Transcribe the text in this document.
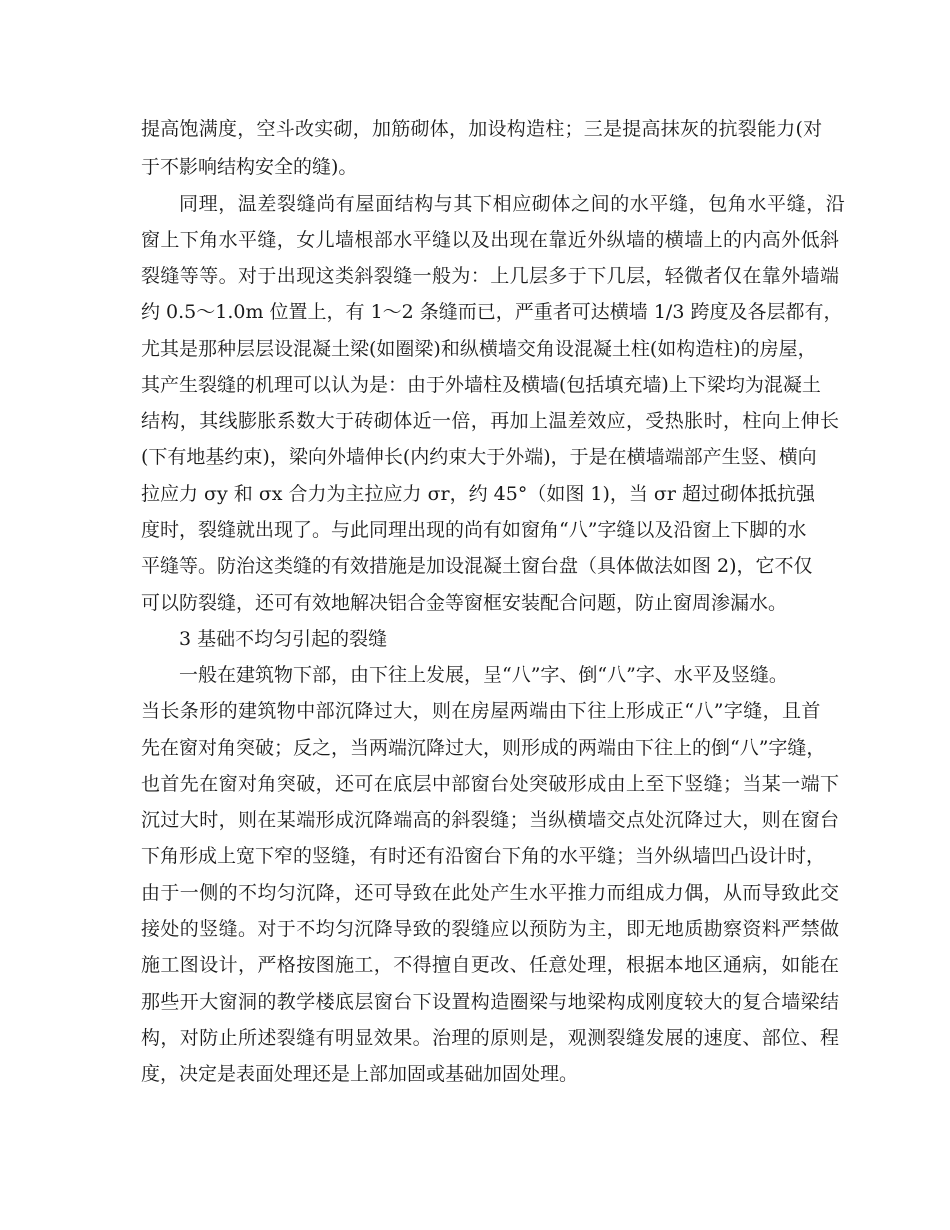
提高饱满度，空斗改实砌，加筋砌体，加设构造柱；三是提高抹灰的抗裂能力(对
于不影响结构安全的缝)。
同理，温差裂缝尚有屋面结构与其下相应砌体之间的水平缝，包角水平缝，沿
窗上下角水平缝，女儿墙根部水平缝以及出现在靠近外纵墙的横墙上的内高外低斜
裂缝等等。对于出现这类斜裂缝一般为：上几层多于下几层，轻微者仅在靠外墙端
约 0.5～1.0m 位置上，有 1～2 条缝而已，严重者可达横墙 1/3 跨度及各层都有，
尤其是那种层层设混凝土梁(如圈梁)和纵横墙交角设混凝土柱(如构造柱)的房屋，
其产生裂缝的机理可以认为是：由于外墙柱及横墙(包括填充墙)上下梁均为混凝土
结构，其线膨胀系数大于砖砌体近一倍，再加上温差效应，受热胀时，柱向上伸长
(下有地基约束)，梁向外墙伸长(内约束大于外端)，于是在横墙端部产生竖、横向
拉应力 σy 和 σx 合力为主拉应力 σr，约 45°（如图 1)，当 σr 超过砌体抵抗强
度时，裂缝就出现了。与此同理出现的尚有如窗角“八”字缝以及沿窗上下脚的水
平缝等。防治这类缝的有效措施是加设混凝土窗台盘（具体做法如图 2)，它不仅
可以防裂缝，还可有效地解决铝合金等窗框安装配合问题，防止窗周渗漏水。
3 基础不均匀引起的裂缝
一般在建筑物下部，由下往上发展，呈“八”字、倒“八”字、水平及竖缝。
当长条形的建筑物中部沉降过大，则在房屋两端由下往上形成正“八”字缝，且首
先在窗对角突破；反之，当两端沉降过大，则形成的两端由下往上的倒“八”字缝，
也首先在窗对角突破，还可在底层中部窗台处突破形成由上至下竖缝；当某一端下
沉过大时，则在某端形成沉降端高的斜裂缝；当纵横墙交点处沉降过大，则在窗台
下角形成上宽下窄的竖缝，有时还有沿窗台下角的水平缝；当外纵墙凹凸设计时，
由于一侧的不均匀沉降，还可导致在此处产生水平推力而组成力偶，从而导致此交
接处的竖缝。对于不均匀沉降导致的裂缝应以预防为主，即无地质勘察资料严禁做
施工图设计，严格按图施工，不得擅自更改、任意处理，根据本地区通病，如能在
那些开大窗洞的教学楼底层窗台下设置构造圈梁与地梁构成刚度较大的复合墙梁结
构，对防止所述裂缝有明显效果。治理的原则是，观测裂缝发展的速度、部位、程
度，决定是表面处理还是上部加固或基础加固处理。
